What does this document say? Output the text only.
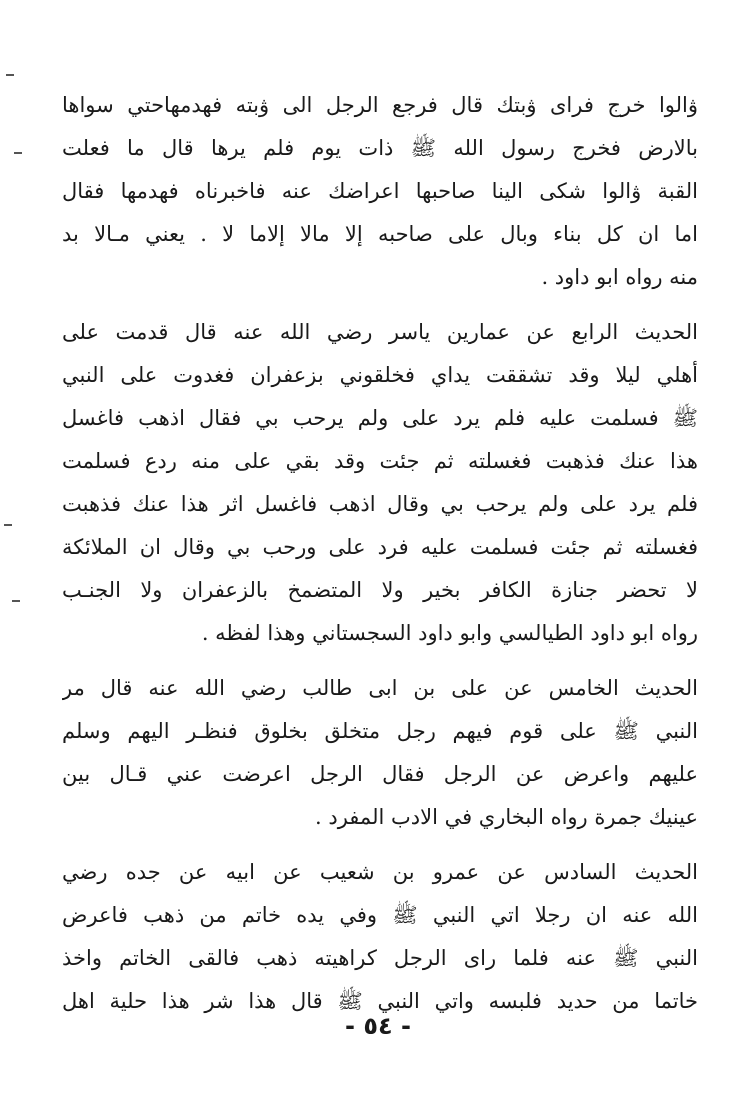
ۋالوا خرج فراى ۋبتك قال فرجع الرجل الى ۋبته فهدمهاحتي سواها
بالارض فخرج رسول الله ﷺ ذات يوم فلم يرها قال ما فعلت
القبة ۋالوا شكى الينا صاحبها اعراضك عنه فاخبرناه فهدمها فقال
اما ان كل بناء وبال على صاحبه إلا مالا إلاما لا . يعني مـالا بد
منه رواه ابو داود .
الحديث الرابع عن عمارين ياسر رضي الله عنه قال قدمت على
أهلي ليلا وقد تشققت يداي فخلقوني بزعفران فغدوت على النبي
ﷺ فسلمت عليه فلم يرد على ولم يرحب بي فقال اذهب فاغسل
هذا عنك فذهبت فغسلته ثم جئت وقد بقي على منه ردع فسلمت
فلم يرد على ولم يرحب بي وقال اذهب فاغسل اثر هذا عنك فذهبت
فغسلته ثم جئت فسلمت عليه فرد على ورحب بي وقال ان الملائكة
لا تحضر جنازة الكافر بخير ولا المتضمخ بالزعفران ولا الجنـب
رواه ابو داود الطيالسي وابو داود السجستاني وهذا لفظه .
الحديث الخامس عن على بن ابى طالب رضي الله عنه قال مر
النبي ﷺ على قوم فيهم رجل متخلق بخلوق فنظـر اليهم وسلم
عليهم واعرض عن الرجل فقال الرجل اعرضت عني قـال بين
عينيك جمرة رواه البخاري في الادب المفرد .
الحديث السادس عن عمرو بن شعيب عن ابيه عن جده رضي
الله عنه ان رجلا اتي النبي ﷺ وفي يده خاتم من ذهب فاعرض
النبي ﷺ عنه فلما راى الرجل كراهيته ذهب فالقى الخاتم واخذ
خاتما من حديد فلبسه واتي النبي ﷺ قال هذا شر هذا حلية اهل
- ٥٤ -
